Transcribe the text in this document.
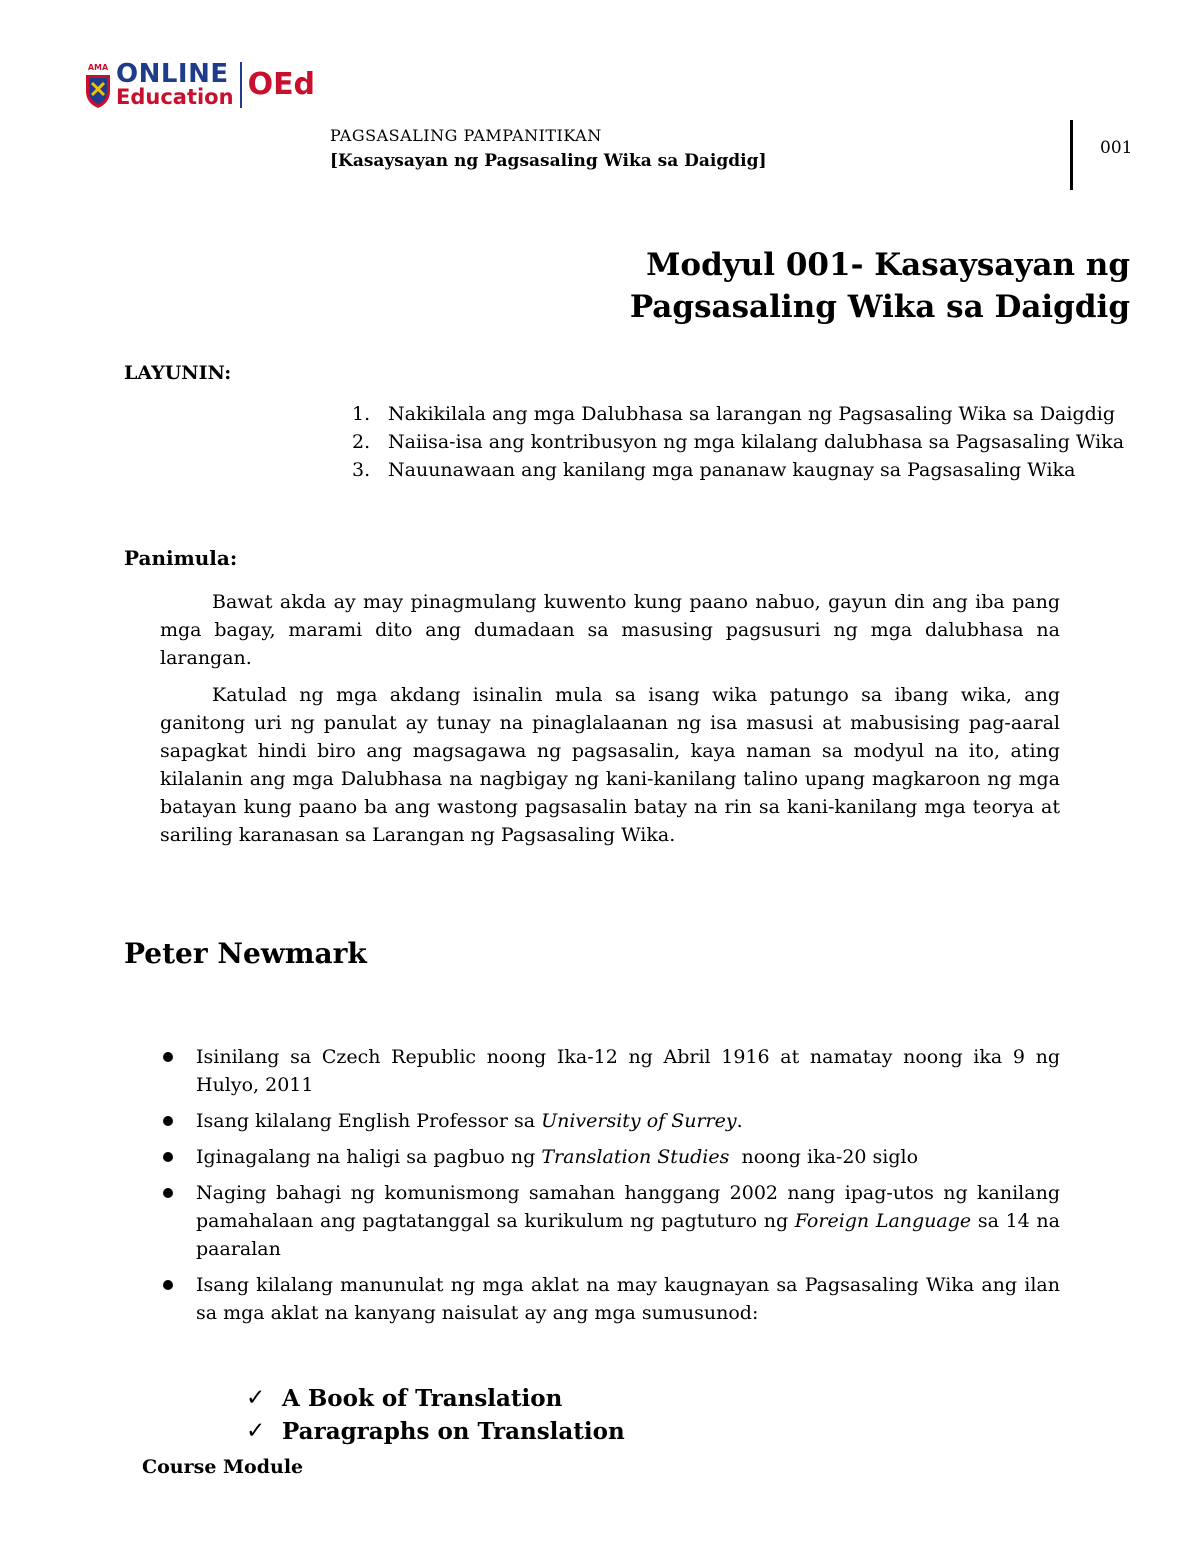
AMA ONLINE
Education OEd
PAGSASALING PAMPANITIKAN
[Kasaysayan ng Pagsasaling Wika sa Daigdig]
001
Modyul 001- Kasaysayan ng
Pagsasaling Wika sa Daigdig
LAYUNIN:
1. Nakikilala ang mga Dalubhasa sa larangan ng Pagsasaling Wika sa Daigdig
2. Naiisa-isa ang kontribusyon ng mga kilalang dalubhasa sa Pagsasaling Wika
3. Nauunawaan ang kanilang mga pananaw kaugnay sa Pagsasaling Wika
Panimula:
Bawat akda ay may pinagmulang kuwento kung paano nabuo, gayun din ang iba pang mga bagay, marami dito ang dumadaan sa masusing pagsusuri ng mga dalubhasa na larangan.
Katulad ng mga akdang isinalin mula sa isang wika patungo sa ibang wika, ang ganitong uri ng panulat ay tunay na pinaglalaanan ng isa masusi at mabusising pag-aaral sapagkat hindi biro ang magsagawa ng pagsasalin, kaya naman sa modyul na ito, ating kilalanin ang mga Dalubhasa na nagbigay ng kani-kanilang talino upang magkaroon ng mga batayan kung paano ba ang wastong pagsasalin batay na rin sa kani-kanilang mga teorya at sariling karanasan sa Larangan ng Pagsasaling Wika.
Peter Newmark
Isinilang sa Czech Republic noong Ika-12 ng Abril 1916 at namatay noong ika 9 ng Hulyo, 2011
Isang kilalang English Professor sa University of Surrey.
Iginagalang na haligi sa pagbuo ng Translation Studies  noong ika-20 siglo
Naging bahagi ng komunismong samahan hanggang 2002 nang ipag-utos ng kanilang pamahalaan ang pagtatanggal sa kurikulum ng pagtuturo ng Foreign Language sa 14 na paaralan
Isang kilalang manunulat ng mga aklat na may kaugnayan sa Pagsasaling Wika ang ilan sa mga aklat na kanyang naisulat ay ang mga sumusunod:
✓ A Book of Translation
✓ Paragraphs on Translation
Course Module
